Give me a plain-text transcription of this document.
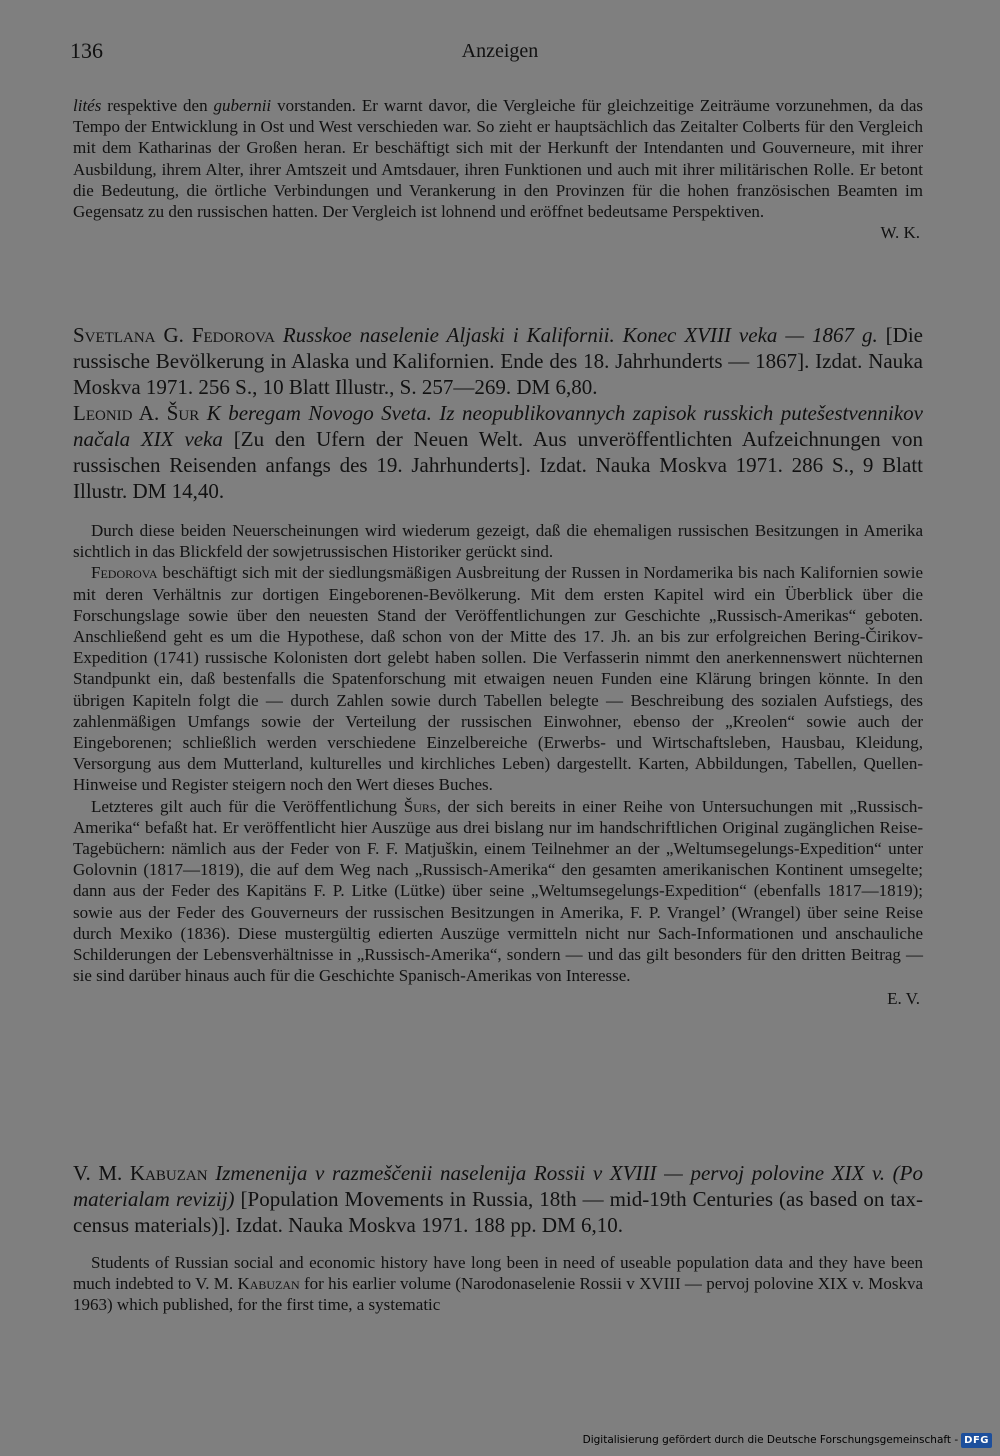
136	Anzeigen

lités respektive den gubernii vorstanden. Er warnt davor, die Vergleiche für gleichzeitige Zeiträume vorzunehmen, da das Tempo der Entwicklung in Ost und West verschieden war. So zieht er hauptsächlich das Zeitalter Colberts für den Vergleich mit dem Katharinas der Großen heran. Er beschäftigt sich mit der Herkunft der Intendanten und Gouverneure, mit ihrer Ausbildung, ihrem Alter, ihrer Amtszeit und Amtsdauer, ihren Funktionen und auch mit ihrer militärischen Rolle. Er betont die Bedeutung, die örtliche Verbindungen und Verankerung in den Provinzen für die hohen französischen Beamten im Gegensatz zu den russischen hatten. Der Vergleich ist lohnend und eröffnet bedeutsame Perspektiven.

W. K.

Svetlana G. Fedorova Russkoe naselenie Aljaski i Kalifornii. Konec XVIII veka — 1867 g. [Die russische Bevölkerung in Alaska und Kalifornien. Ende des 18. Jahrhunderts — 1867]. Izdat. Nauka Moskva 1971. 256 S., 10 Blatt Illustr., S. 257—269. DM 6,80.

Leonid A. Šur K beregam Novogo Sveta. Iz neopublikovannych zapisok russkich putešestvennikov načala XIX veka [Zu den Ufern der Neuen Welt. Aus unveröffentlichten Aufzeichnungen von russischen Reisenden anfangs des 19. Jahrhunderts]. Izdat. Nauka Moskva 1971. 286 S., 9 Blatt Illustr. DM 14,40.

Durch diese beiden Neuerscheinungen wird wiederum gezeigt, daß die ehemaligen russischen Besitzungen in Amerika sichtlich in das Blickfeld der sowjetrussischen Historiker gerückt sind.

Fedorova beschäftigt sich mit der siedlungsmäßigen Ausbreitung der Russen in Nordamerika bis nach Kalifornien sowie mit deren Verhältnis zur dortigen Eingeborenen-Bevölkerung. Mit dem ersten Kapitel wird ein Überblick über die Forschungslage sowie über den neuesten Stand der Veröffentlichungen zur Geschichte „Russisch-Amerikas“ geboten. Anschließend geht es um die Hypothese, daß schon von der Mitte des 17. Jh. an bis zur erfolgreichen Bering-Čirikov-Expedition (1741) russische Kolonisten dort gelebt haben sollen. Die Verfasserin nimmt den anerkennenswert nüchternen Standpunkt ein, daß bestenfalls die Spatenforschung mit etwaigen neuen Funden eine Klärung bringen könnte. In den übrigen Kapiteln folgt die — durch Zahlen sowie durch Tabellen belegte — Beschreibung des sozialen Aufstiegs, des zahlenmäßigen Umfangs sowie der Verteilung der russischen Einwohner, ebenso der „Kreolen“ sowie auch der Eingeborenen; schließlich werden verschiedene Einzelbereiche (Erwerbs- und Wirtschaftsleben, Hausbau, Kleidung, Versorgung aus dem Mutterland, kulturelles und kirchliches Leben) dargestellt. Karten, Abbildungen, Tabellen, Quellen-Hinweise und Register steigern noch den Wert dieses Buches.

Letzteres gilt auch für die Veröffentlichung Šurs, der sich bereits in einer Reihe von Untersuchungen mit „Russisch-Amerika“ befaßt hat. Er veröffentlicht hier Auszüge aus drei bislang nur im handschriftlichen Original zugänglichen Reise-Tagebüchern: nämlich aus der Feder von F. F. Matjuškin, einem Teilnehmer an der „Weltumsegelungs-Expedition“ unter Golovnin (1817—1819), die auf dem Weg nach „Russisch-Amerika“ den gesamten amerikanischen Kontinent umsegelte; dann aus der Feder des Kapitäns F. P. Litke (Lütke) über seine „Weltumsegelungs-Expedition“ (ebenfalls 1817—1819); sowie aus der Feder des Gouverneurs der russischen Besitzungen in Amerika, F. P. Vrangel’ (Wrangel) über seine Reise durch Mexiko (1836). Diese mustergültig edierten Auszüge vermitteln nicht nur Sach-Informationen und anschauliche Schilderungen der Lebensverhältnisse in „Russisch-Amerika“, sondern — und das gilt besonders für den dritten Beitrag — sie sind darüber hinaus auch für die Geschichte Spanisch-Amerikas von Interesse.

E. V.

V. M. Kabuzan Izmenenija v razmeščenii naselenija Rossii v XVIII — pervoj polovine XIX v. (Po materialam revizij) [Population Movements in Russia, 18th — mid-19th Centuries (as based on tax-census materials)]. Izdat. Nauka Moskva 1971. 188 pp. DM 6,10.

Students of Russian social and economic history have long been in need of useable population data and they have been much indebted to V. M. Kabuzan for his earlier volume (Narodonaselenie Rossii v XVIII — pervoj polovine XIX v. Moskva 1963) which published, for the first time, a systematic

Digitalisierung gefördert durch die Deutsche Forschungsgemeinschaft - DFG
